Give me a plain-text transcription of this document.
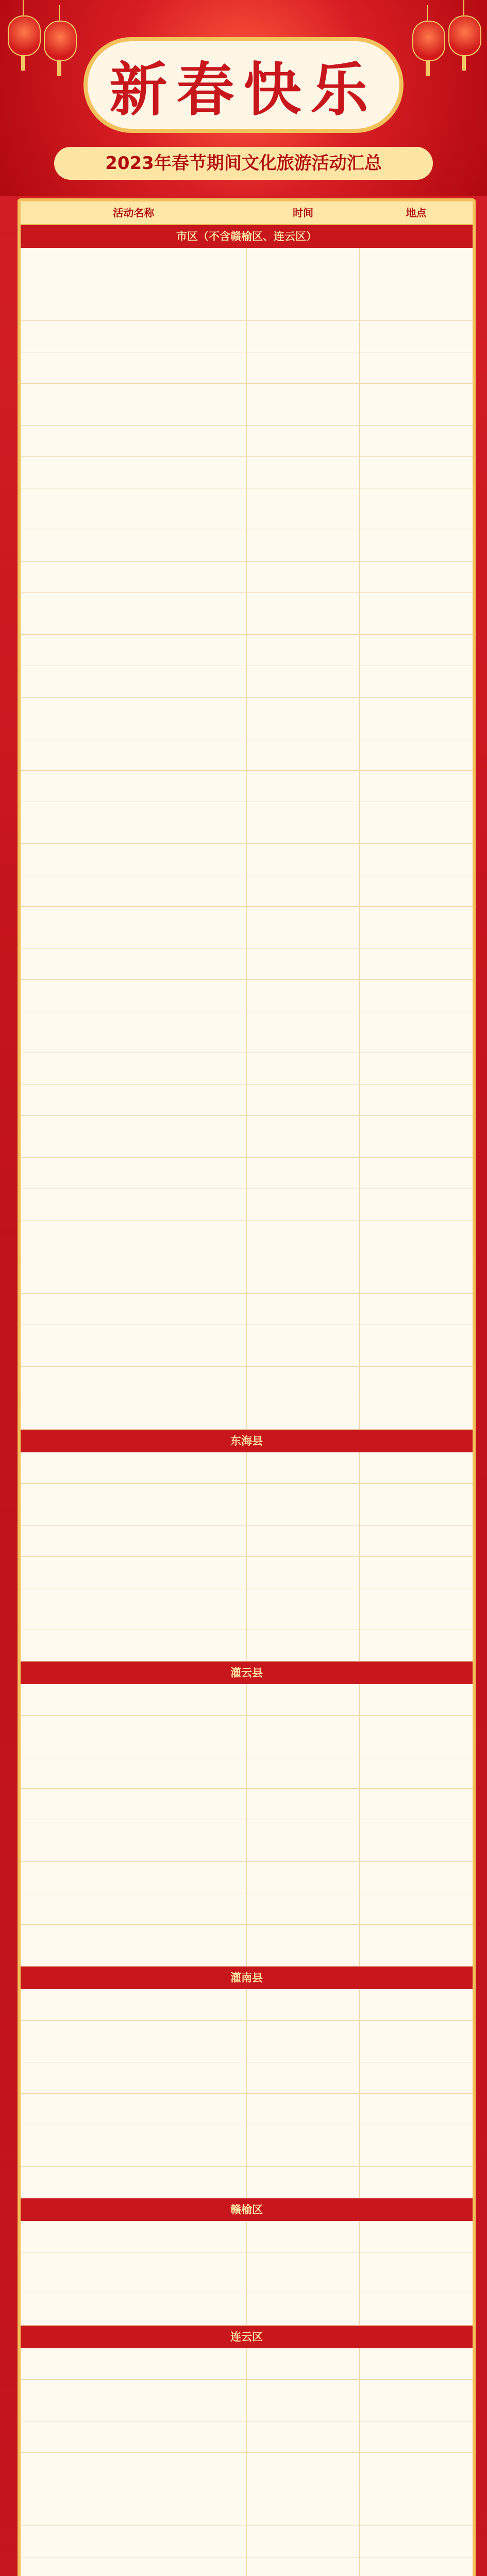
新春快乐
2023年春节期间文化旅游活动汇总
活动名称	时间	地点
市区（不含赣榆区、连云区）
东海县
灌云县
灌南县
赣榆区
连云区
